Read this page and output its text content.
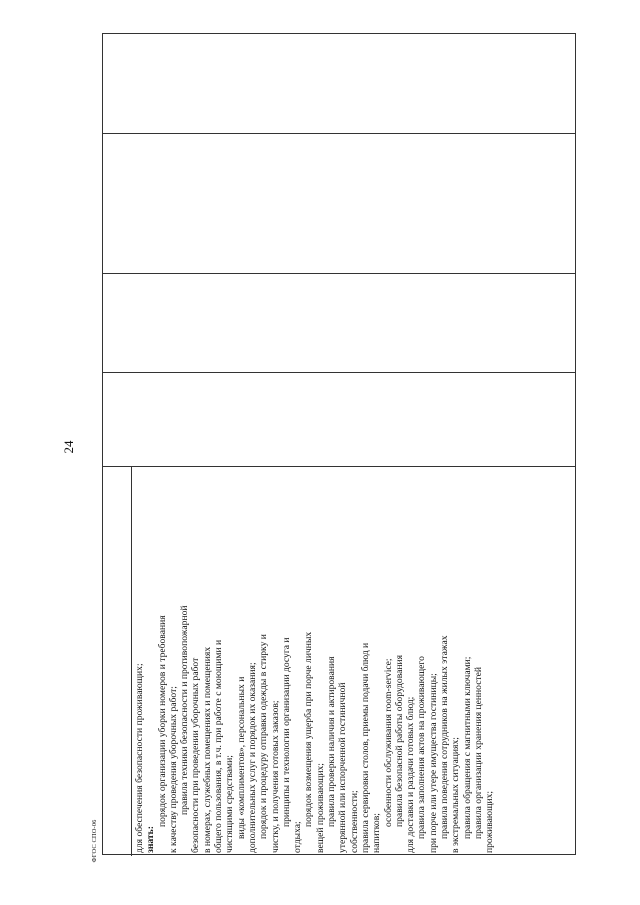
24
ФГОС СПО-06	для обеспечения безопасности проживающих; знать:

порядок организации уборки номеров и требования к качеству проведения уборочных работ; правила техники безопасности и противопожарной безопасности при проведении уборочных работ в номерах, служебных помещениях и помещениях общего пользования, в т.ч. при работе с моющими и чистящими средствами; виды «комплиментов», персональных и дополнительных услуг и порядок их оказания; порядок и процедуру отправки одежды в стирку и чистку, и получения готовых заказов; принципы и технологии организации досуга и

отдыха;

порядок возмещения ущерба при порче личных вещей проживающих; правила проверки наличия и актирования утерянной или испорченной гостиничной собственности; правила сервировки столов, приемы подачи блюд и напитков;

особенности обслуживания room-service; правила безопасной работы оборудования для доставки и раздачи готовых блюд; правила заполнения актов на проживающего при порче или утере имущества гостиницы; правила поведения сотрудников на жилых этажах в экстремальных ситуациях; правила обращения с магнитными ключами; правила организации хранения ценностей проживающих;
